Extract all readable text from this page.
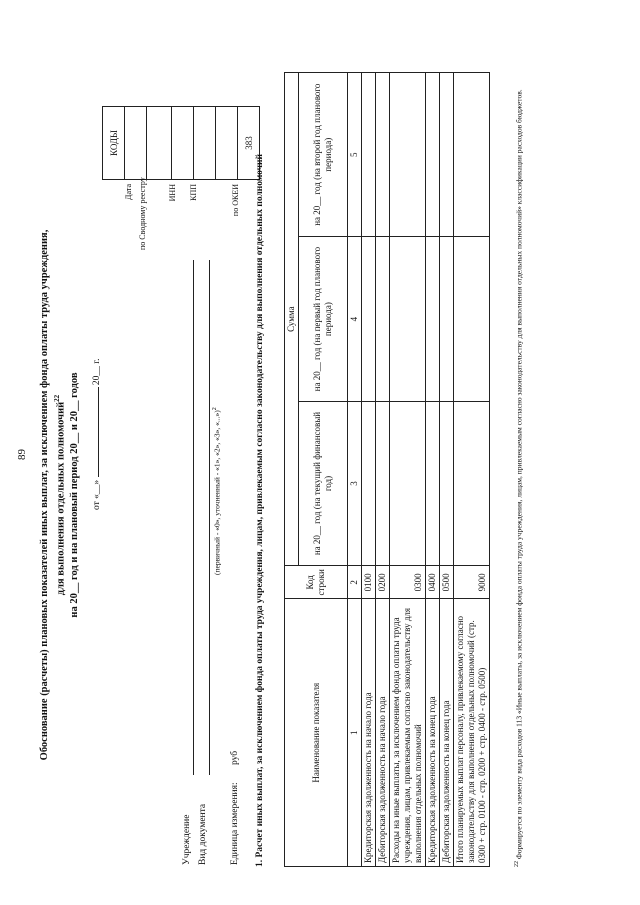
89 Обоснование (расчеты) плановых показателей иных выплат, за исключением фонда оплаты труда учреждения, для выполнения отдельных полномочий$^{22}$ на 20__ год и на плановый период 20__ и 20__ годов от «__»  20__ г.
Дата по Сводному реестру	ИНН КПП	по ОКЕИ
КОДЫ

383
Учреждение Вид документа
(первичный - «0», уточненный - «1», «2», «3», «...»)$^2$
Единица измерения:
руб 1. Расчет иных выплат, за исключением фонда оплаты труда учреждения, лицам, привлекаемым согласно законодательству для выполнения отдельных полномочий	Наименование показателя	Код строки	Сумма		
		на 20__ год (на текущий финансовый год)	на 20__ год (на первый год планового периода)	на 20__ год (на второй год планового периода)
1	2	3	4	5
Кредиторская задолженность на начало года	0100			
Дебиторская задолженность на начало года	0200			
Расходы на иные выплаты, за исключением фонда оплаты труда учреждения, лицам, привлекаемым согласно законодательству для выполнения отдельных полномочий	0300			
Кредиторская задолженность на конец года	0400			
Дебиторская задолженность на конец года	0500			
Итого планируемых выплат персоналу, привлекаемому согласно законодательству для выполнения отдельных полномочий (стр. 0300 + стр. 0100 - стр. 0200 + стр. 0400 - стр. 0500)	9000			
$^{22}$ Формируется по элементу вида расходов 113 «Иные выплаты, за исключением фонда оплаты труда учреждения, лицам, привлекаемым согласно законодательству для выполнения отдельных полномочий» классификации расходов бюджетов.
